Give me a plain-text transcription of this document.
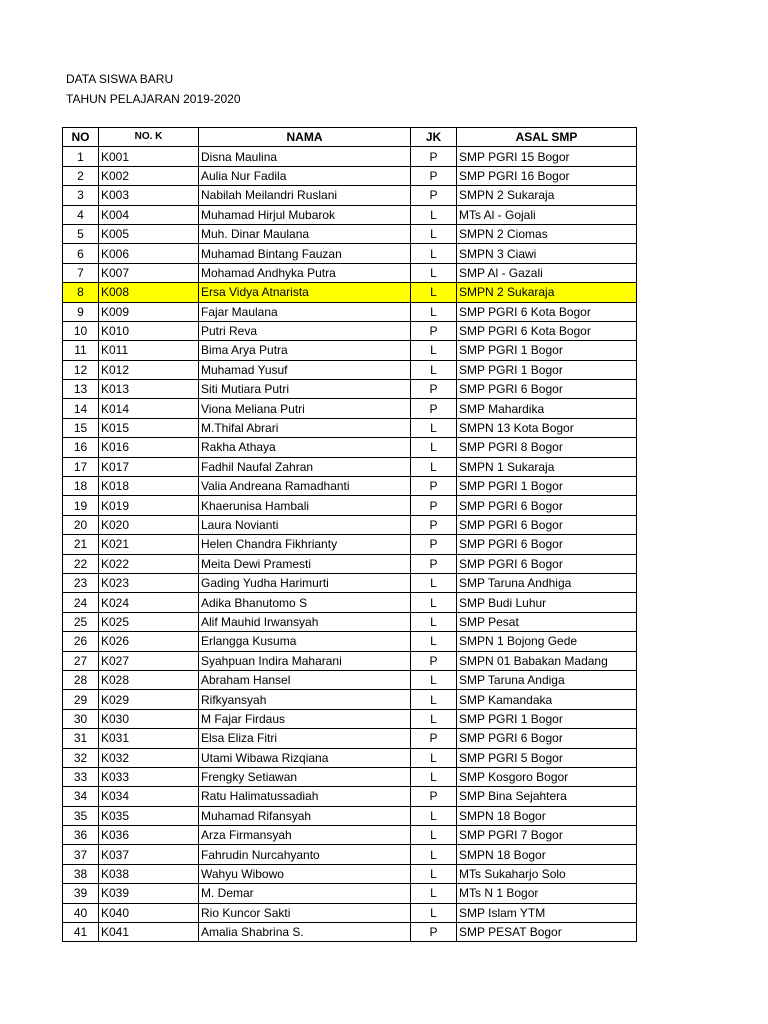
DATA SISWA BARU
TAHUN PELAJARAN 2019-2020
NO	NO. K	NAMA	JK	ASAL SMP
1	K001	Disna Maulina	P	SMP PGRI 15 Bogor
2	K002	Aulia Nur Fadila	P	SMP PGRI 16 Bogor
3	K003	Nabilah Meilandri Ruslani	P	SMPN 2 Sukaraja
4	K004	Muhamad Hirjul Mubarok	L	MTs Al - Gojali
5	K005	Muh. Dinar Maulana	L	SMPN 2 Ciomas
6	K006	Muhamad Bintang Fauzan	L	SMPN 3 Ciawi
7	K007	Mohamad Andhyka Putra	L	SMP Al - Gazali
8	K008	Ersa Vidya Atnarista	L	SMPN 2 Sukaraja
9	K009	Fajar Maulana	L	SMP PGRI 6 Kota Bogor
10	K010	Putri Reva	P	SMP PGRI 6 Kota Bogor
11	K011	Bima Arya Putra	L	SMP PGRI 1 Bogor
12	K012	Muhamad Yusuf	L	SMP PGRI 1 Bogor
13	K013	Siti Mutiara Putri	P	SMP PGRI 6 Bogor
14	K014	Viona Meliana Putri	P	SMP Mahardika
15	K015	M.Thifal Abrari	L	SMPN 13 Kota Bogor
16	K016	Rakha Athaya	L	SMP PGRI 8 Bogor
17	K017	Fadhil Naufal Zahran	L	SMPN 1 Sukaraja
18	K018	Valia Andreana Ramadhanti	P	SMP PGRI 1 Bogor
19	K019	Khaerunisa Hambali	P	SMP PGRI 6 Bogor
20	K020	Laura Novianti	P	SMP PGRI 6 Bogor
21	K021	Helen Chandra Fikhrianty	P	SMP PGRI 6 Bogor
22	K022	Meita Dewi Pramesti	P	SMP PGRI 6 Bogor
23	K023	Gading Yudha Harimurti	L	SMP Taruna Andhiga
24	K024	Adika Bhanutomo S	L	SMP Budi Luhur
25	K025	Alif Mauhid Irwansyah	L	SMP Pesat
26	K026	Erlangga Kusuma	L	SMPN 1 Bojong Gede
27	K027	Syahpuan Indira Maharani	P	SMPN 01 Babakan Madang
28	K028	Abraham Hansel	L	SMP Taruna Andiga
29	K029	Rifkyansyah	L	SMP Kamandaka
30	K030	M Fajar Firdaus	L	SMP PGRI 1 Bogor
31	K031	Elsa Eliza Fitri	P	SMP PGRI 6 Bogor
32	K032	Utami Wibawa Rizqiana	L	SMP PGRI 5 Bogor
33	K033	Frengky Setiawan	L	SMP Kosgoro Bogor
34	K034	Ratu Halimatussadiah	P	SMP Bina Sejahtera
35	K035	Muhamad Rifansyah	L	SMPN 18 Bogor
36	K036	Arza Firmansyah	L	SMP PGRI 7 Bogor
37	K037	Fahrudin Nurcahyanto	L	SMPN 18 Bogor
38	K038	Wahyu Wibowo	L	MTs Sukaharjo Solo
39	K039	M. Demar	L	MTs N 1 Bogor
40	K040	Rio Kuncor Sakti	L	SMP Islam YTM
41	K041	Amalia Shabrina S.	P	SMP PESAT Bogor
